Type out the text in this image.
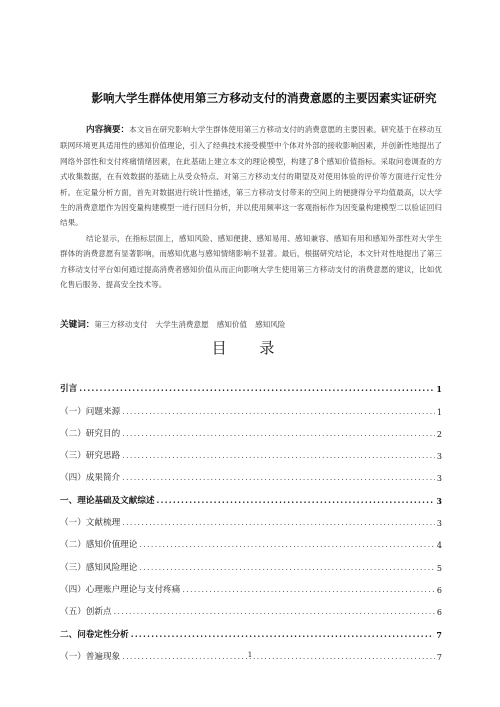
影响大学生群体使用第三方移动支付的消费意愿的主要因素实证研究

内容摘要：本文旨在研究影响大学生群体使用第三方移动支付的消费意愿的主要因素。研究基于在移动互联网环境更具适用性的感知价值理论，引入了经典技术接受模型中个体对外部的接收影响因素，并创新性地提出了网络外部性和支付疼痛情绪因素，在此基础上建立本文的理论模型，构建了8个感知价值指标。采取问卷调查的方式收集数据，在有效数据的基础上从受众特点、对第三方移动支付的期望及对使用体验的评价等方面进行定性分析。在定量分析方面，首先对数据进行统计性描述，第三方移动支付带来的空间上的便捷得分平均值最高，以大学生的消费意愿作为因变量构建模型一进行回归分析，并以使用频率这一客观指标作为因变量构建模型二以验证回归结果。

结论显示，在指标层面上，感知风险、感知便捷、感知易用、感知兼容、感知有用和感知外部性对大学生群体的消费意愿有显著影响，而感知优惠与感知情绪影响不显著。最后，根据研究结论，本文针对性地提出了第三方移动支付平台如何通过提高消费者感知价值从而正向影响大学生使用第三方移动支付的消费意愿的建议，比如优化售后服务、提高安全技术等。

关键词：第三方移动支付 大学生消费意愿 感知价值 感知风险
目 录
引言 .....	1
（一）问题来源 .....	1
（二）研究目的 .....	2
（三）研究思路 .....	3
（四）成果简介 .....	3
一、理论基础及文献综述 .....	3
（一）文献梳理 .....	3
（二）感知价值理论 .....	4
（三）感知风险理论 .....	5
（四）心理账户理论与支付疼痛 .....	6
（五）创新点 .....	6
二、问卷定性分析 .....	7
（一）普遍现象 .....	7
1
